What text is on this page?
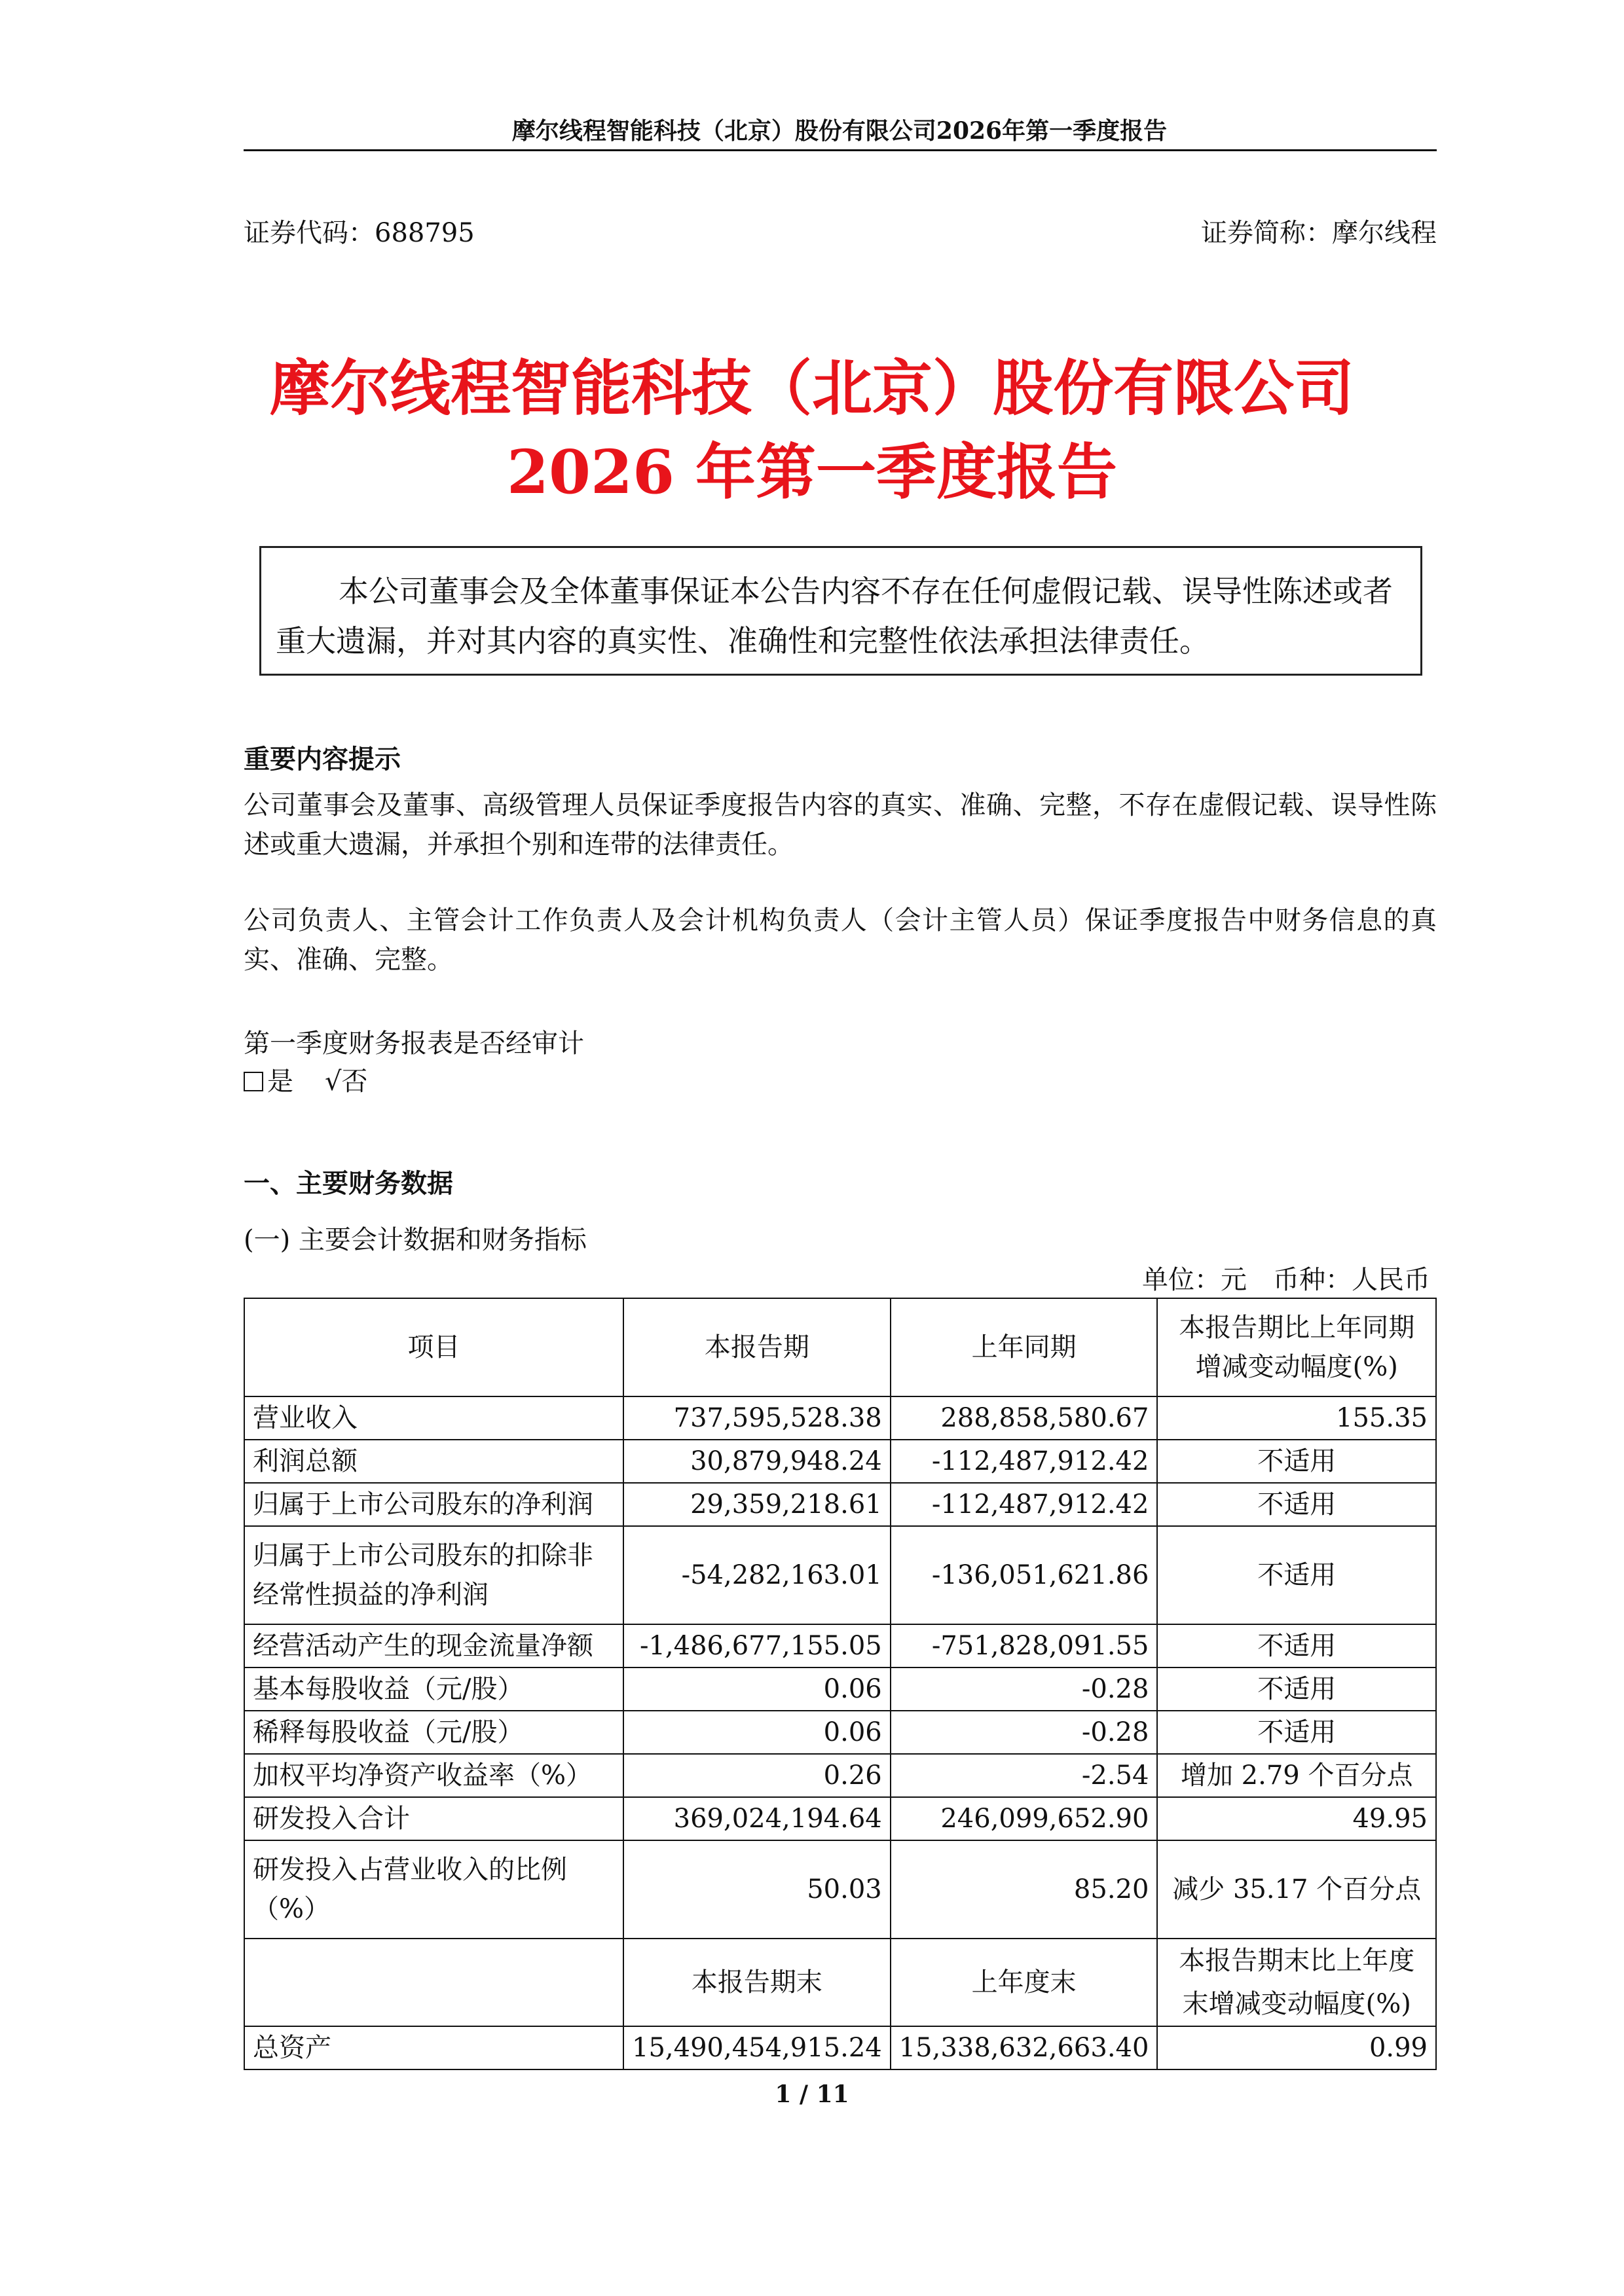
摩尔线程智能科技（北京）股份有限公司2026年第一季度报告
证券代码：688795	证券简称：摩尔线程
摩尔线程智能科技（北京）股份有限公司
2026 年第一季度报告
本公司董事会及全体董事保证本公告内容不存在任何虚假记载、误导性陈述或者重大遗漏，并对其内容的真实性、准确性和完整性依法承担法律责任。
重要内容提示
公司董事会及董事、高级管理人员保证季度报告内容的真实、准确、完整，不存在虚假记载、误导性陈述或重大遗漏，并承担个别和连带的法律责任。
公司负责人、主管会计工作负责人及会计机构负责人（会计主管人员）保证季度报告中财务信息的真实、准确、完整。
第一季度财务报表是否经审计
是 √否
一、主要财务数据
(一) 主要会计数据和财务指标
单位：元　币种：人民币
项目	本报告期	上年同期	本报告期比上年同期增减变动幅度(%)
营业收入	737,595,528.38	288,858,580.67	155.35
利润总额	30,879,948.24	-112,487,912.42	不适用
归属于上市公司股东的净利润	29,359,218.61	-112,487,912.42	不适用
归属于上市公司股东的扣除非经常性损益的净利润	-54,282,163.01	-136,051,621.86	不适用
经营活动产生的现金流量净额	-1,486,677,155.05	-751,828,091.55	不适用
基本每股收益（元/股）	0.06	-0.28	不适用
稀释每股收益（元/股）	0.06	-0.28	不适用
加权平均净资产收益率（%）	0.26	-2.54	增加 2.79 个百分点
研发投入合计	369,024,194.64	246,099,652.90	49.95
研发投入占营业收入的比例（%）	50.03	85.20	减少 35.17 个百分点
	本报告期末	上年度末	本报告期末比上年度末增减变动幅度(%)
总资产	15,490,454,915.24	15,338,632,663.40	0.99
1 / 11
